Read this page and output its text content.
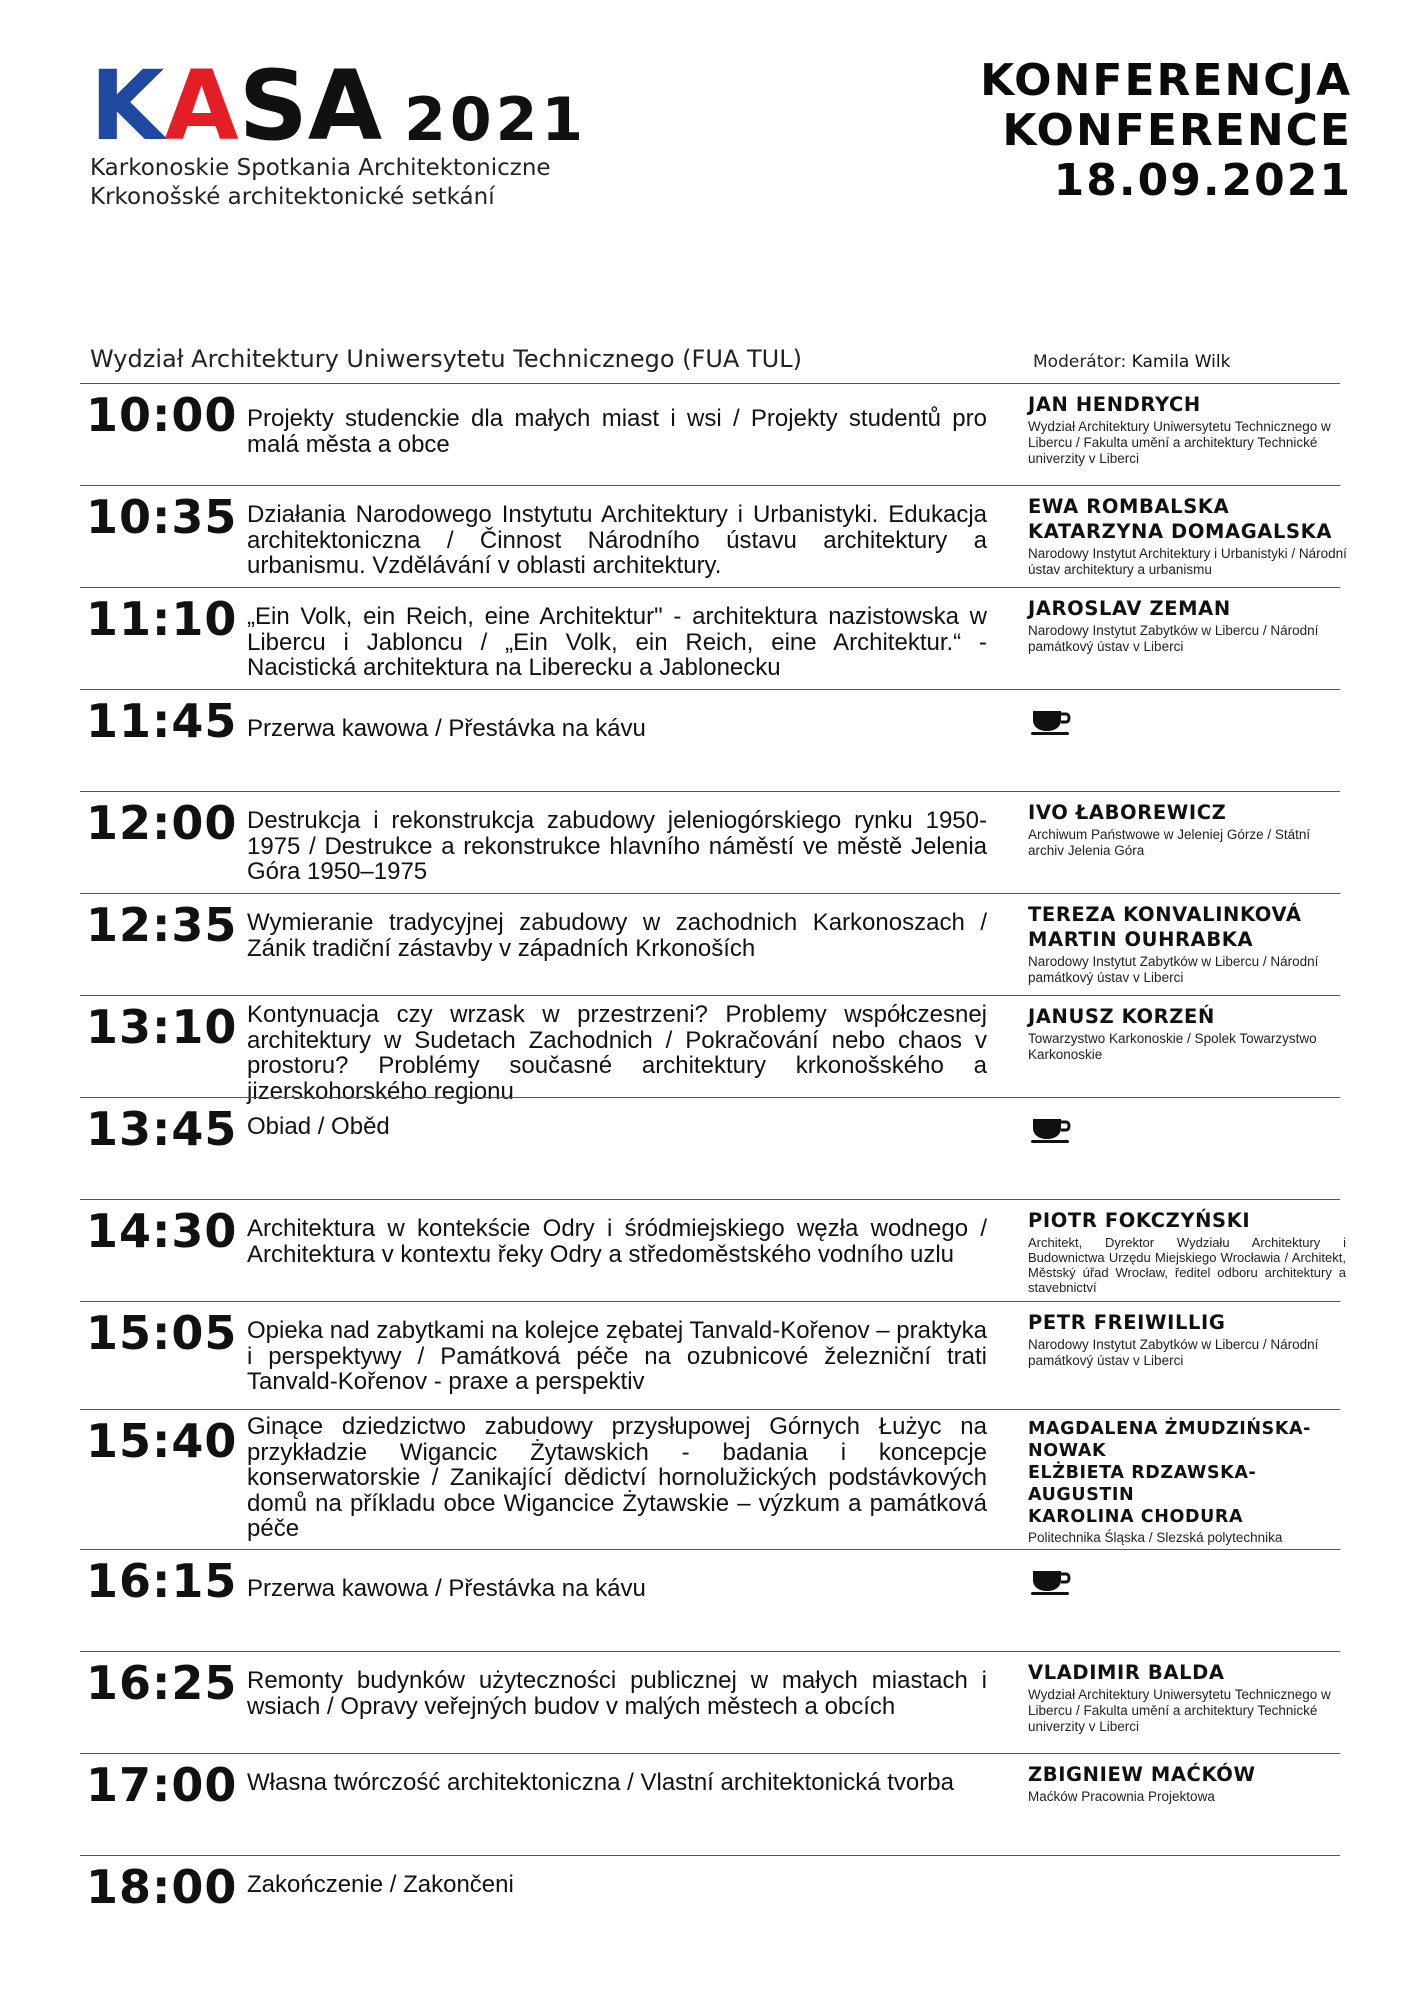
K A S A 2021
Karkonoskie Spotkania Architektoniczne
Krkonošské architektonické setkání
KONFERENCJA
KONFERENCE
18.09.2021
Wydział Architektury Uniwersytetu Technicznego (FUA TUL)	Moderátor: Kamila Wilk
10:00 Projekty studenckie dla małych miast i wsi / Projekty studentů pro malá města a obce
JAN HENDRYCH
Wydział Architektury Uniwersytetu Technicznego w Libercu / Fakulta umění a architektury Technické univerzity v Liberci
10:35 Działania Narodowego Instytutu Architektury i Urbanistyki. Edukacja architektoniczna / Činnost Národního ústavu architektury a urbanismu. Vzdělávání v oblasti architektury.
EWA ROMBALSKA
KATARZYNA DOMAGALSKA
Narodowy Instytut Architektury i Urbanistyki / Národní ústav architektury a urbanismu
11:10 „Ein Volk, ein Reich, eine Architektur" - architektura nazistowska w Libercu i Jabloncu / „Ein Volk, ein Reich, eine Architektur.“ - Nacistická architektura na Liberecku a Jablonecku
JAROSLAV ZEMAN
Narodowy Instytut Zabytków w Libercu / Národní památkový ústav v Liberci
11:45 Przerwa kawowa / Přestávka na kávu
12:00 Destrukcja i rekonstrukcja zabudowy jeleniogórskiego rynku 1950-1975 / Destrukce a rekonstrukce hlavního náměstí ve městě Jelenia Góra 1950–1975
IVO ŁABOREWICZ
Archiwum Państwowe w Jeleniej Górze / Státní archiv Jelenia Góra
12:35 Wymieranie tradycyjnej zabudowy w zachodnich Karkonoszach / Zánik tradiční zástavby v západních Krkonoších
TEREZA KONVALINKOVÁ
MARTIN OUHRABKA
Narodowy Instytut Zabytków w Libercu / Národní památkový ústav v Liberci
13:10 Kontynuacja czy wrzask w przestrzeni? Problemy współczesnej architektury w Sudetach Zachodnich / Pokračování nebo chaos v prostoru? Problémy současné architektury krkonošského a jizerskohorského regionu
JANUSZ KORZEŃ
Towarzystwo Karkonoskie / Spolek Towarzystwo Karkonoskie
13:45 Obiad / Oběd
14:30 Architektura w kontekście Odry i śródmiejskiego węzła wodnego / Architektura v kontextu řeky Odry a středoměstského vodního uzlu
PIOTR FOKCZYŃSKI
Architekt, Dyrektor Wydziału Architektury i Budownictwa Urzędu Miejskiego Wrocławia / Architekt, Městský úřad Wrocław, ředitel odboru architektury a stavebnictví
15:05 Opieka nad zabytkami na kolejce zębatej Tanvald-Kořenov – praktyka i perspektywy / Památková péče na ozubnicové železniční trati Tanvald-Kořenov - praxe a perspektiv
PETR FREIWILLIG
Narodowy Instytut Zabytków w Libercu / Národní památkový ústav v Liberci
15:40 Ginące dziedzictwo zabudowy przysłupowej Górnych Łużyc na przykładzie Wigancic Żytawskich - badania i koncepcje konserwatorskie / Zanikající dědictví hornolužických podstávkových domů na příkladu obce Wigancice Żytawskie – výzkum a památková péče
MAGDALENA ŻMUDZIŃSKA-NOWAK
ELŻBIETA RDZAWSKA-AUGUSTIN
KAROLINA CHODURA
Politechnika Śląska / Slezská polytechnika
16:15 Przerwa kawowa / Přestávka na kávu
16:25 Remonty budynków użyteczności publicznej w małych miastach i wsiach / Opravy veřejných budov v malých městech a obcích
VLADIMIR BALDA
Wydział Architektury Uniwersytetu Technicznego w Libercu / Fakulta umění a architektury Technické univerzity v Liberci
17:00 Własna twórczość architektoniczna / Vlastní architektonická tvorba	ZBIGNIEW MAĆKÓW
Maćków Pracownia Projektowa
18:00 Zakończenie / Zakončeni
